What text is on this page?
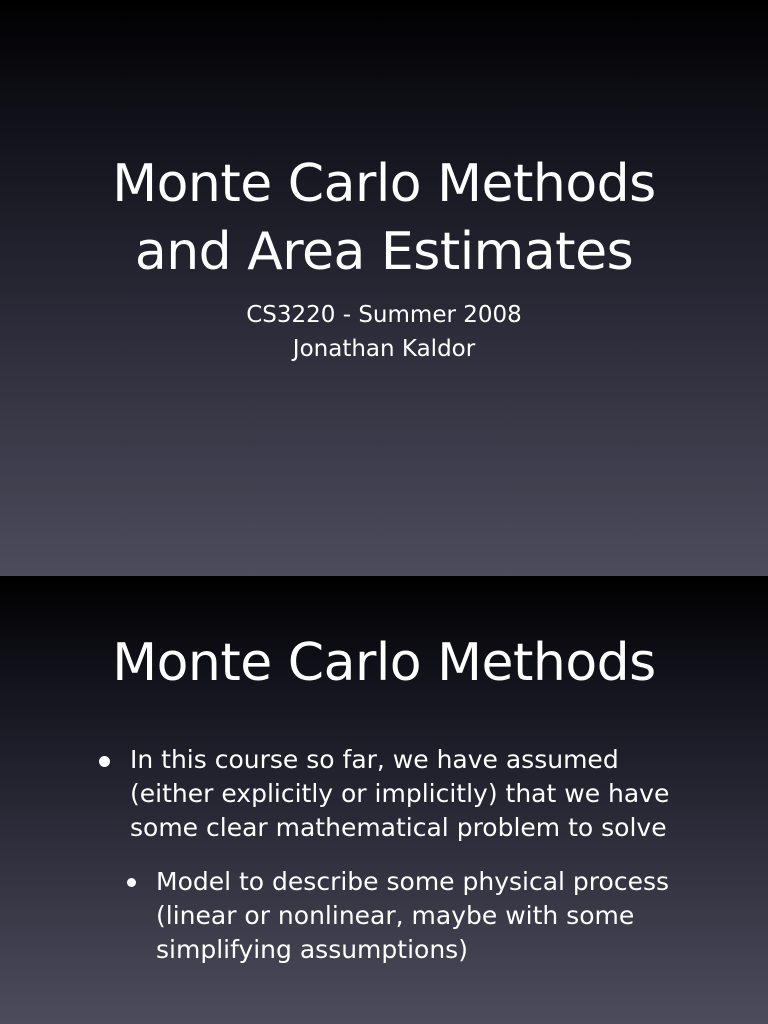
Monte Carlo Methods
and Area Estimates
CS3220 - Summer 2008
Jonathan Kaldor
Monte Carlo Methods
In this course so far, we have assumed
(either explicitly or implicitly) that we have
some clear mathematical problem to solve
Model to describe some physical process
(linear or nonlinear, maybe with some
simplifying assumptions)
